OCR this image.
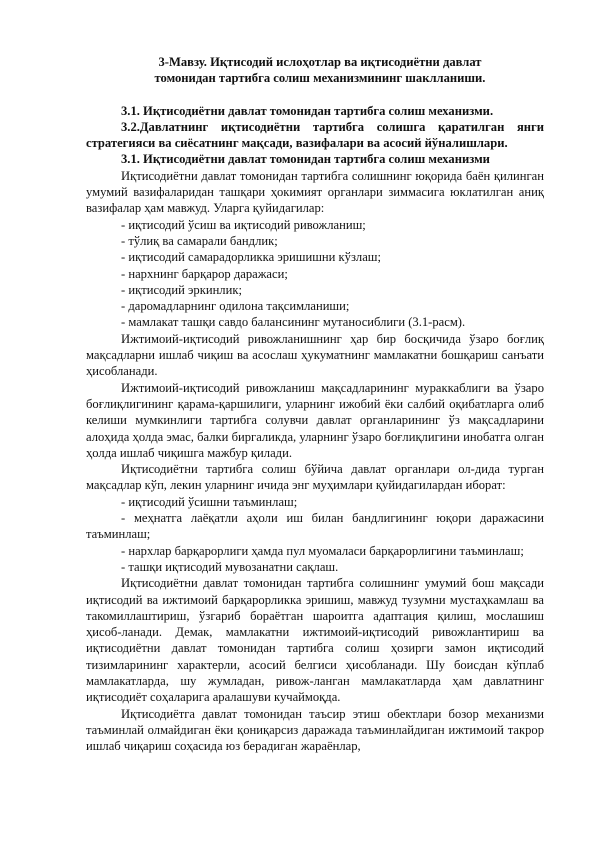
3-Мавзу. Иқтисодий ислоҳотлар ва иқтисодиётни давлат
томонидан тартибга солиш механизмининг шаклланиши.

3.1. Иқтисодиётни давлат томонидан тартибга солиш механизми.

3.2.Давлатнинг иқтисодиётни тартибга солишга қаратилган янги стратегияси ва сиёсатнинг мақсади, вазифалари ва асосий йўналишлари.

3.1. Иқтисодиётни давлат томонидан тартибга солиш механизми

Иқтисодиётни давлат томонидан тартибга солишнинг юқорида баён қилинган умумий вазифаларидан ташқари ҳокимият органлари зиммасига юклатилган аниқ вазифалар ҳам мавжуд. Уларга қуйидагилар:

- иқтисодий ўсиш ва иқтисодий ривожланиш;

- тўлиқ ва самарали бандлик;

- иқтисодий самарадорликка эришишни кўзлаш;

- нархнинг барқарор даражаси;

- иқтисодий эркинлик;

- даромадларнинг одилона тақсимланиши;

- мамлакат ташқи савдо балансининг мутаносиблиги (3.1-расм).

Ижтимоий-иқтисодий ривожланишнинг ҳар бир босқичида ўзаро боғлиқ мақсадларни ишлаб чиқиш ва асослаш ҳукуматнинг мамлакатни бошқариш санъати ҳисобланади.

Ижтимоий-иқтисодий ривожланиш мақсадларининг мураккаблиги ва ўзаро боғлиқлигининг қарама-қаршилиги, уларнинг ижобий ёки салбий оқибатларга олиб келиши мумкинлиги тартибга солувчи давлат органларининг ўз мақсадларини алоҳида ҳолда эмас, балки биргаликда, уларнинг ўзаро боғлиқлигини инобатга олган ҳолда ишлаб чиқишга мажбур қилади.

Иқтисодиётни тартибга солиш бўйича давлат органлари ол-дида турган мақсадлар кўп, лекин уларнинг ичида энг муҳимлари қуйидагилардан иборат:

- иқтисодий ўсишни таъминлаш;

- меҳнатга лаёқатли аҳоли иш билан бандлигининг юқори даражасини таъминлаш;

- нархлар барқарорлиги ҳамда пул муомаласи барқарорлигини таъминлаш;

- ташқи иқтисодий мувозанатни сақлаш.

Иқтисодиётни давлат томонидан тартибга солишнинг умумий бош мақсади иқтисодий ва ижтимоий барқарорликка эришиш, мавжуд тузумни мустаҳкамлаш ва такомиллаштириш, ўзгариб бораётган шароитга адаптация қилиш, мослашиш ҳисоб-ланади. Демак, мамлакатни ижтимоий-иқтисодий ривожлантириш ва иқтисодиётни давлат томонидан тартибга солиш ҳозирги замон иқтисодий тизимларининг характерли, асосий белгиси ҳисобланади. Шу боисдан кўплаб мамлакатларда, шу жумладан, ривож-ланган мамлакатларда ҳам давлатнинг иқтисодиёт соҳаларига аралашуви кучаймоқда.

Иқтисодиётга давлат томонидан таъсир этиш обектлари бозор механизми таъминлай олмайдиган ёки қониқарсиз даражада таъминлайдиган ижтимоий такрор ишлаб чиқариш соҳасида юз берадиган жараёнлар,
